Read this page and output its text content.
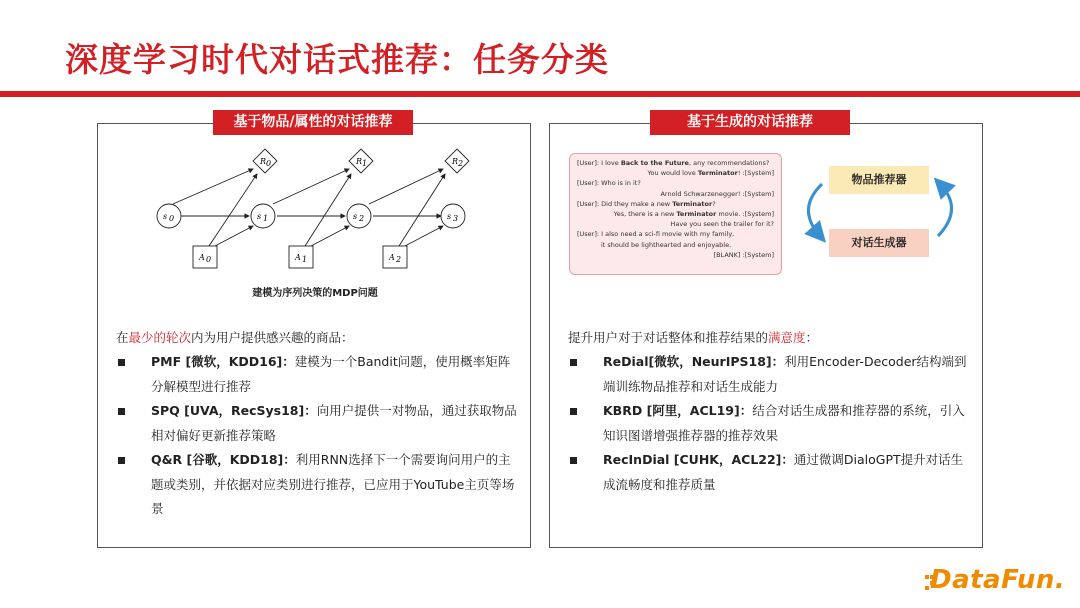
深度学习时代对话式推荐：任务分类
基于物品/属性的对话推荐
R 0	R 1	R 2
s 0	s 1	s 2	s 3
A 0	A 1	A 2
建模为序列决策的MDP问题
在最少的轮次内为用户提供感兴趣的商品：
PMF [微软，KDD16]：建模为一个Bandit问题，使用概率矩阵分解模型进行推荐
SPQ [UVA，RecSys18]：向用户提供一对物品，通过获取物品相对偏好更新推荐策略
Q&R [谷歌，KDD18]：利用RNN选择下一个需要询问用户的主题或类别，并依据对应类别进行推荐，已应用于YouTube主页等场景
基于生成的对话推荐
[User]: I love Back to the Future, any recommendations?
You would love Terminator! :[System]
[User]: Who is in it?
Arnold Schwarzenegger! :[System]
[User]: Did they make a new Terminator?
Yes, there is a new Terminator movie. :[System]
Have you seen the trailer for it?
[User]: I also need a sci-fi movie with my family,
it should be lighthearted and enjoyable.
[BLANK] :[System]
物品推荐器
对话生成器
提升用户对于对话整体和推荐结果的满意度：
ReDial[微软，NeurIPS18]：利用Encoder-Decoder结构端到端训练物品推荐和对话生成能力
KBRD [阿里，ACL19]：结合对话生成器和推荐器的系统，引入知识图谱增强推荐器的推荐效果
RecInDial [CUHK，ACL22]：通过微调DialoGPT提升对话生成流畅度和推荐质量
DataFun.
